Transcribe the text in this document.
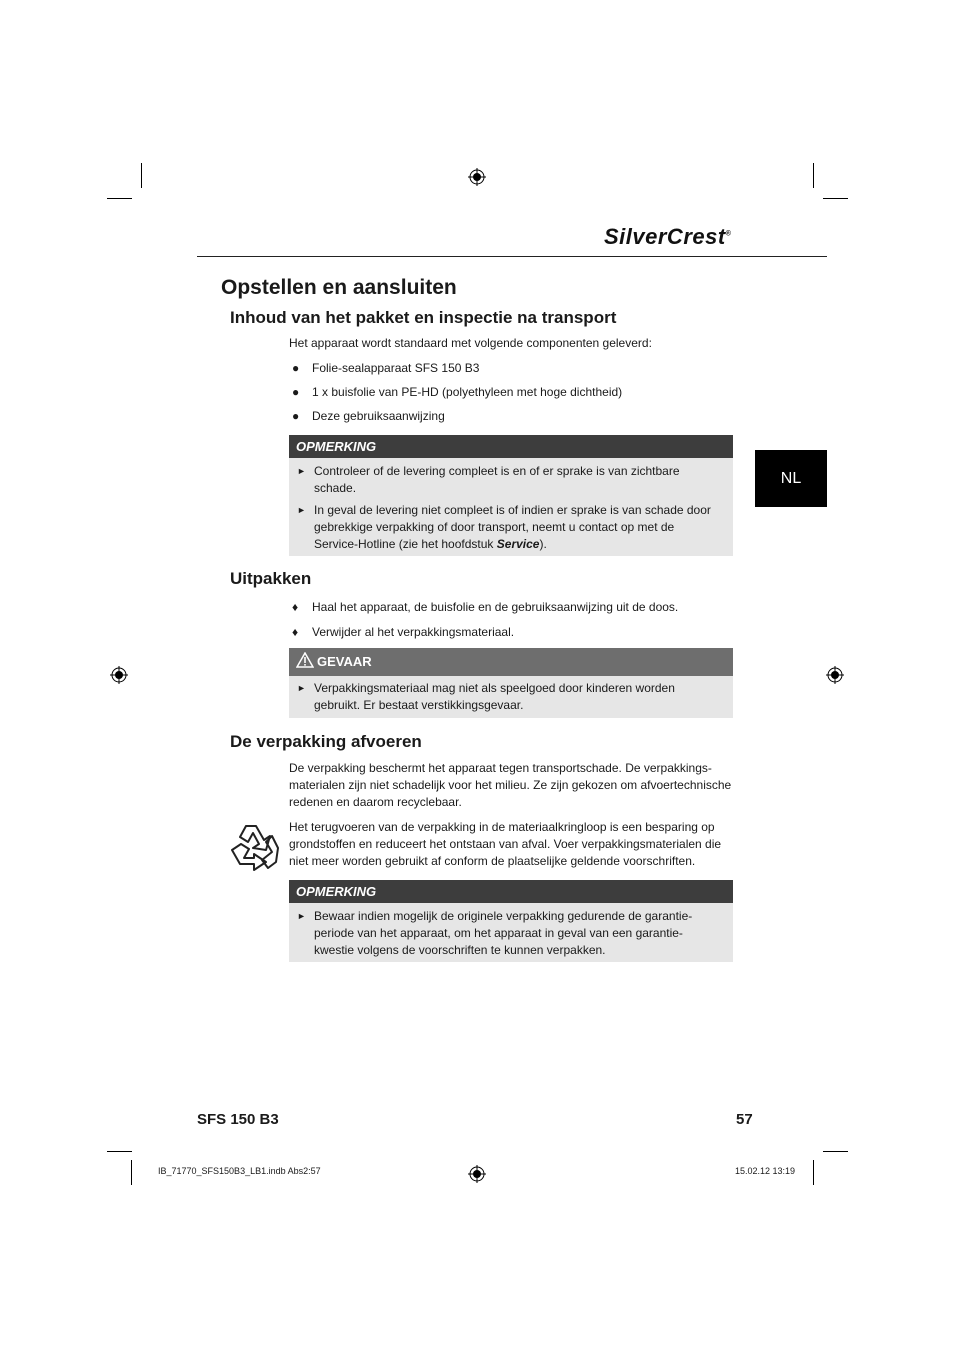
SilverCrest®
NL
Opstellen en aansluiten
Inhoud van het pakket en inspectie na transport
Het apparaat wordt standaard met volgende componenten geleverd:
● Folie-sealapparaat SFS 150 B3
● 1 x buisfolie van PE-HD (polyethyleen met hoge dichtheid)
● Deze gebruiksaanwijzing
OPMERKING
► Controleer of de levering compleet is en of er sprake is van zichtbare schade.
► In geval de levering niet compleet is of indien er sprake is van schade door gebrekkige verpakking of door transport, neemt u contact op met de Service-Hotline (zie het hoofdstuk Service).
Uitpakken
♦ Haal het apparaat, de buisfolie en de gebruiksaanwijzing uit de doos.
♦ Verwijder al het verpakkingsmateriaal.
GEVAAR
► Verpakkingsmateriaal mag niet als speelgoed door kinderen worden gebruikt. Er bestaat verstikkingsgevaar.
De verpakking afvoeren
De verpakking beschermt het apparaat tegen transportschade. De verpakkings-materialen zijn niet schadelijk voor het milieu. Ze zijn gekozen om afvoertechnische redenen en daarom recyclebaar.
Het terugvoeren van de verpakking in de materiaalkringloop is een besparing op grondstoffen en reduceert het ontstaan van afval. Voer verpakkingsmaterialen die niet meer worden gebruikt af conform de plaatselijke geldende voorschriften.
OPMERKING
► Bewaar indien mogelijk de originele verpakking gedurende de garantie-periode van het apparaat, om het apparaat in geval van een garantie-kwestie volgens de voorschriften te kunnen verpakken.
SFS 150 B3	57
IB_71770_SFS150B3_LB1.indb Abs2:57	15.02.12 13:19
